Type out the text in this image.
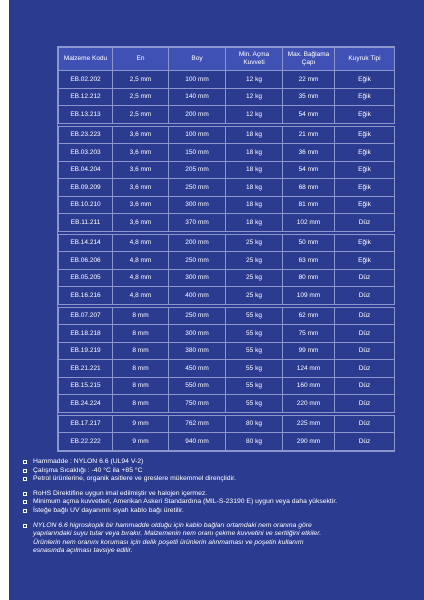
Malzeme Kodu	En	Boy	Min. Açma Kuvveti	Max. Bağlama Çapı	Kuyruk Tipi
EB.02.202	2,5 mm	100 mm	12 kg	22 mm	Eğik
EB.12.212	2,5 mm	140 mm	12 kg	35 mm	Eğik
EB.13.213	2,5 mm	200 mm	12 kg	54 mm	Eğik

EB.23.223	3,6 mm	100 mm	18 kg	21 mm	Eğik
EB.03.203	3,6 mm	150 mm	18 kg	36 mm	Eğik
EB.04.204	3,6 mm	205 mm	18 kg	54 mm	Eğik
EB.09.209	3,6 mm	250 mm	18 kg	68 mm	Eğik
EB.10.210	3,6 mm	300 mm	18 kg	81 mm	Eğik
EB.11.211	3,6 mm	370 mm	18 kg	102 mm	Düz

EB.14.214	4,8 mm	200 mm	25 kg	50 mm	Eğik
EB.06.206	4,8 mm	250 mm	25 kg	63 mm	Eğik
EB.05.205	4,8 mm	300 mm	25 kg	80 mm	Düz
EB.16.216	4,8 mm	400 mm	25 kg	109 mm	Düz

EB.07.207	8 mm	250 mm	55 kg	62 mm	Düz
EB.18.218	8 mm	300 mm	55 kg	75 mm	Düz
EB.19.219	8 mm	380 mm	55 kg	99 mm	Düz
EB.21.221	8 mm	450 mm	55 kg	124 mm	Düz
EB.15.215	8 mm	550 mm	55 kg	160 mm	Düz
EB.24.224	8 mm	750 mm	55 kg	220 mm	Düz

EB.17.217	9 mm	762 mm	80 kg	225 mm	Düz
EB.22.222	9 mm	940 mm	80 kg	290 mm	Düz
Hammadde : NYLON 6.6 (UL94 V-2)
Çalışma Sıcaklığı : -40 °C ila +85 °C
Petrol ürünlerine, organik asitlere ve greslere mükemmel dirençlidir.
RoHS Direktifine uygun imal edilmiştir ve halojen içermez.
Minimum açma kuvvetleri, Amerikan Askeri Standardına (MIL-S-23190 E) uygun veya daha yüksektir.
İsteğe bağlı UV dayanımlı siyah kablo bağı üretilir.
NYLON 6.6 higroskopik bir hammadde olduğu için kablo bağları ortamdaki nem oranına göre
yapılarındaki suyu tutar veya bırakır. Malzemenin nem oranı çekme kuvvetini ve sertliğini etkiler.
Ürünlerin nem oranını koruması için delik poşetli ürünlerin alınmaması ve poşetin kullanım
esnasında açılması tavsiye edilir.
